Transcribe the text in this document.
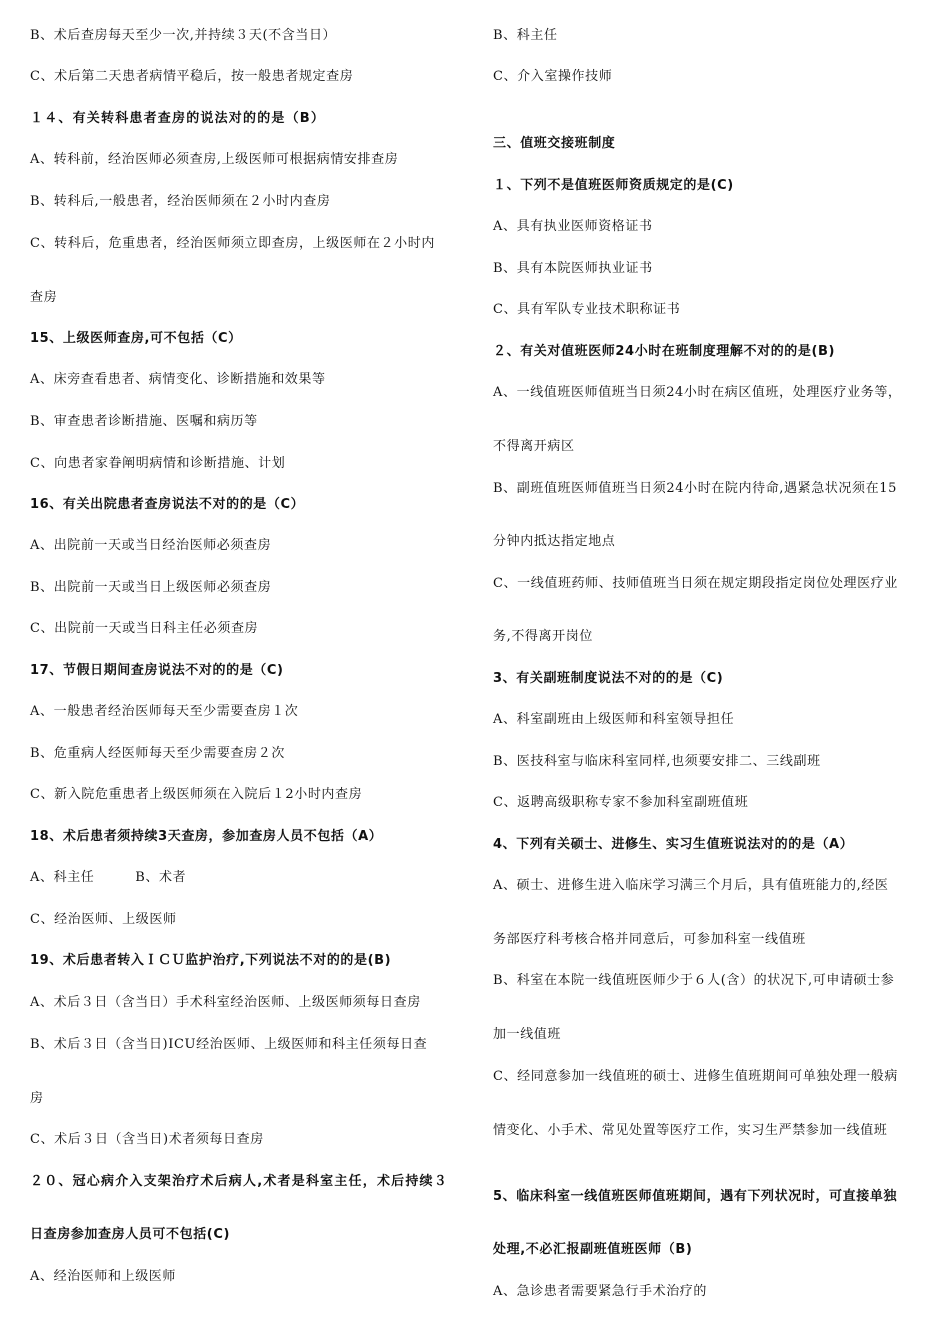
B、术后查房每天至少一次,并持续３天(不含当日）
C、术后第二天患者病情平稳后，按一般患者规定查房
１４、有关转科患者查房的说法对的的是（B）
A、转科前，经治医师必须查房,上级医师可根据病情安排查房
B、转科后,一般患者，经治医师须在２小时内查房
C、转科后，危重患者，经治医师须立即查房，上级医师在２小时内
查房
15、上级医师查房,可不包括（C）
A、床旁查看患者、病情变化、诊断措施和效果等
B、审查患者诊断措施、医嘱和病历等
C、向患者家眷阐明病情和诊断措施、计划
16、有关出院患者查房说法不对的的是（C）
A、出院前一天或当日经治医师必须查房
B、出院前一天或当日上级医师必须查房
C、出院前一天或当日科主任必须查房
17、节假日期间查房说法不对的的是（C)
A、一般患者经治医师每天至少需要查房１次
B、危重病人经医师每天至少需要查房２次
C、新入院危重患者上级医师须在入院后１2小时内查房
18、术后患者须持续3天查房，参加查房人员不包括（A）
A、科主任　　　B、术者
C、经治医师、上级医师
19、术后患者转入ＩＣＵ监护治疗,下列说法不对的的是(B)
A、术后３日（含当日）手术科室经治医师、上级医师须每日查房
B、术后３日（含当日)ICU经治医师、上级医师和科主任须每日查
房
C、术后３日（含当日)术者须每日查房
２０、冠心病介入支架治疗术后病人,术者是科室主任，术后持续３
日查房参加查房人员可不包括(C)
A、经治医师和上级医师
B、科主任
C、介入室操作技师
三、值班交接班制度
１、下列不是值班医师资质规定的是(C)
A、具有执业医师资格证书
B、具有本院医师执业证书
C、具有军队专业技术职称证书
２、有关对值班医师24小时在班制度理解不对的的是(B)
A、一线值班医师值班当日须24小时在病区值班，处理医疗业务等，
不得离开病区
B、副班值班医师值班当日须24小时在院内待命,遇紧急状况须在15
分钟内抵达指定地点
C、一线值班药师、技师值班当日须在规定期段指定岗位处理医疗业
务,不得离开岗位
3、有关副班制度说法不对的的是（C)
A、科室副班由上级医师和科室领导担任
B、医技科室与临床科室同样,也须要安排二、三线副班
C、返聘高级职称专家不参加科室副班值班
4、下列有关硕士、进修生、实习生值班说法对的的是（A）
A、硕士、进修生进入临床学习满三个月后，具有值班能力的,经医
务部医疗科考核合格并同意后，可参加科室一线值班
B、科室在本院一线值班医师少于６人(含）的状况下,可申请硕士参
加一线值班
C、经同意参加一线值班的硕士、进修生值班期间可单独处理一般病
情变化、小手术、常见处置等医疗工作，实习生严禁参加一线值班
5、临床科室一线值班医师值班期间，遇有下列状况时，可直接单独
处理,不必汇报副班值班医师（B)
A、急诊患者需要紧急行手术治疗的
